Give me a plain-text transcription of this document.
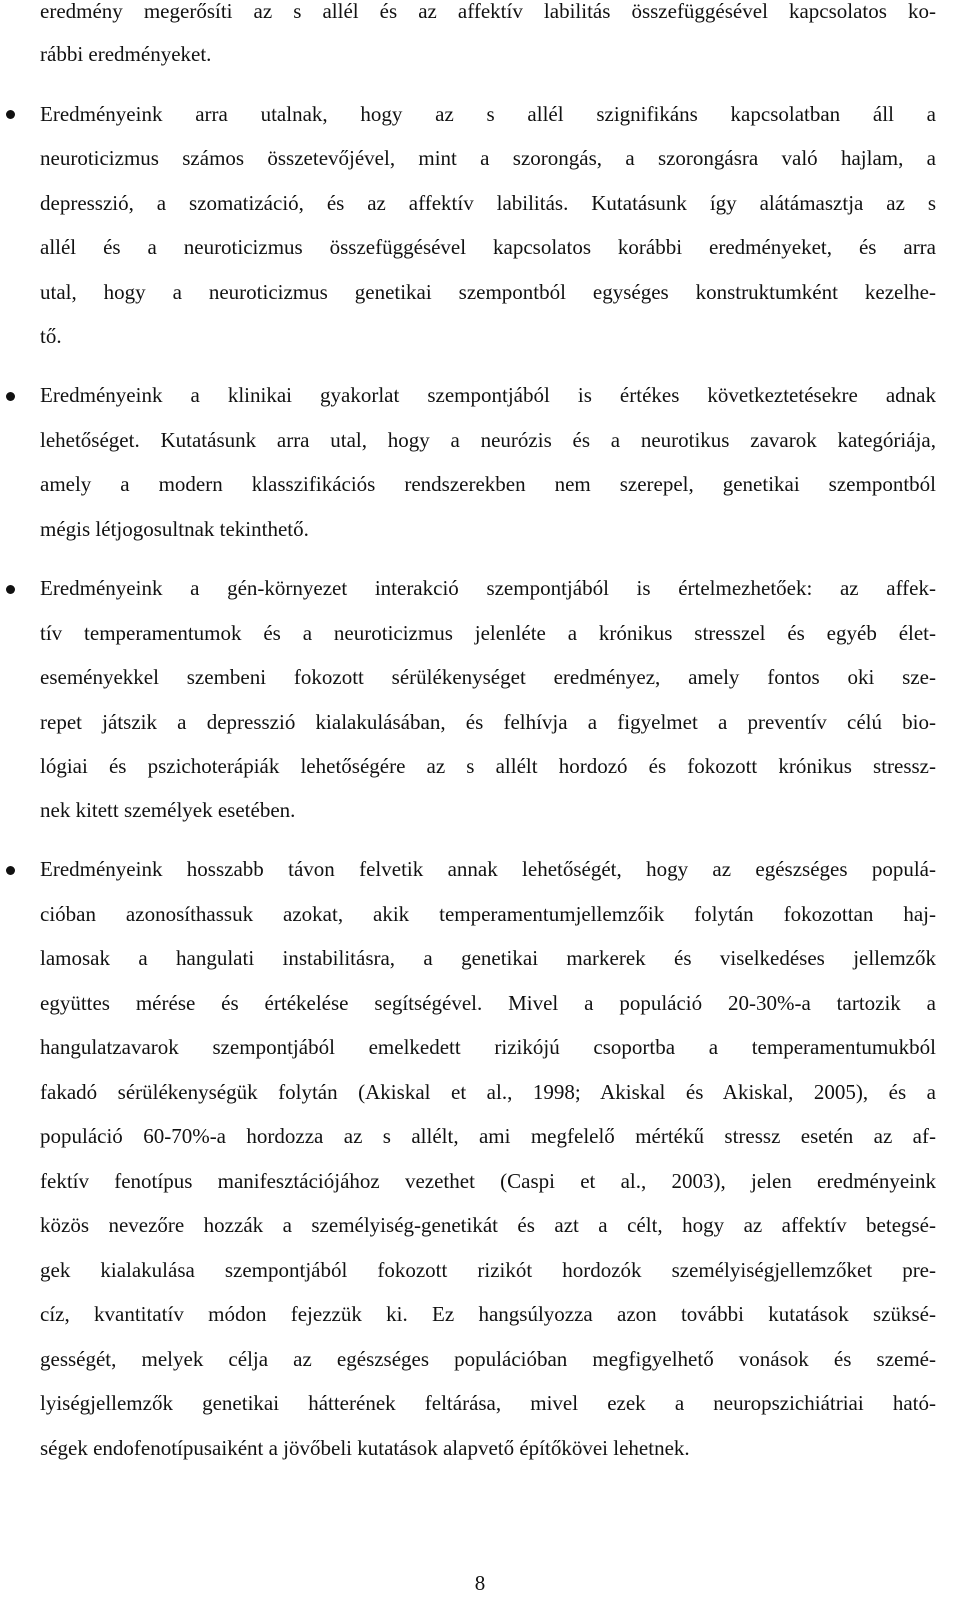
eredmény megerősíti az s allél és az affektív labilitás összefüggésével kapcsolatos ko-
rábbi eredményeket.
Eredményeink arra utalnak, hogy az s allél szignifikáns kapcsolatban áll a
neuroticizmus számos összetevőjével, mint a szorongás, a szorongásra való hajlam, a
depresszió, a szomatizáció, és az affektív labilitás. Kutatásunk így alátámasztja az s
allél és a neuroticizmus összefüggésével kapcsolatos korábbi eredményeket, és arra
utal, hogy a neuroticizmus genetikai szempontból egységes konstruktumként kezelhe-
tő.
Eredményeink a klinikai gyakorlat szempontjából is értékes következtetésekre adnak
lehetőséget. Kutatásunk arra utal, hogy a neurózis és a neurotikus zavarok kategóriája,
amely a modern klasszifikációs rendszerekben nem szerepel, genetikai szempontból
mégis létjogosultnak tekinthető.
Eredményeink a gén-környezet interakció szempontjából is értelmezhetőek: az affek-
tív temperamentumok és a neuroticizmus jelenléte a krónikus stresszel és egyéb élet-
eseményekkel szembeni fokozott sérülékenységet eredményez, amely fontos oki sze-
repet játszik a depresszió kialakulásában, és felhívja a figyelmet a preventív célú bio-
lógiai és pszichoterápiák lehetőségére az s allélt hordozó és fokozott krónikus stressz-
nek kitett személyek esetében.
Eredményeink hosszabb távon felvetik annak lehetőségét, hogy az egészséges populá-
cióban azonosíthassuk azokat, akik temperamentumjellemzőik folytán fokozottan haj-
lamosak a hangulati instabilitásra, a genetikai markerek és viselkedéses jellemzők
együttes mérése és értékelése segítségével. Mivel a populáció 20-30%-a tartozik a
hangulatzavarok szempontjából emelkedett rizikójú csoportba a temperamentumukból
fakadó sérülékenységük folytán (Akiskal et al., 1998; Akiskal és Akiskal, 2005), és a
populáció 60-70%-a hordozza az s allélt, ami megfelelő mértékű stressz esetén az af-
fektív fenotípus manifesztációjához vezethet (Caspi et al., 2003), jelen eredményeink
közös nevezőre hozzák a személyiség-genetikát és azt a célt, hogy az affektív betegsé-
gek kialakulása szempontjából fokozott rizikót hordozók személyiségjellemzőket pre-
cíz, kvantitatív módon fejezzük ki. Ez hangsúlyozza azon további kutatások szüksé-
gességét, melyek célja az egészséges populációban megfigyelhető vonások és szemé-
lyiségjellemzők genetikai hátterének feltárása, mivel ezek a neuropszichiátriai ható-
ségek endofenotípusaiként a jövőbeli kutatások alapvető építőkövei lehetnek.
8
